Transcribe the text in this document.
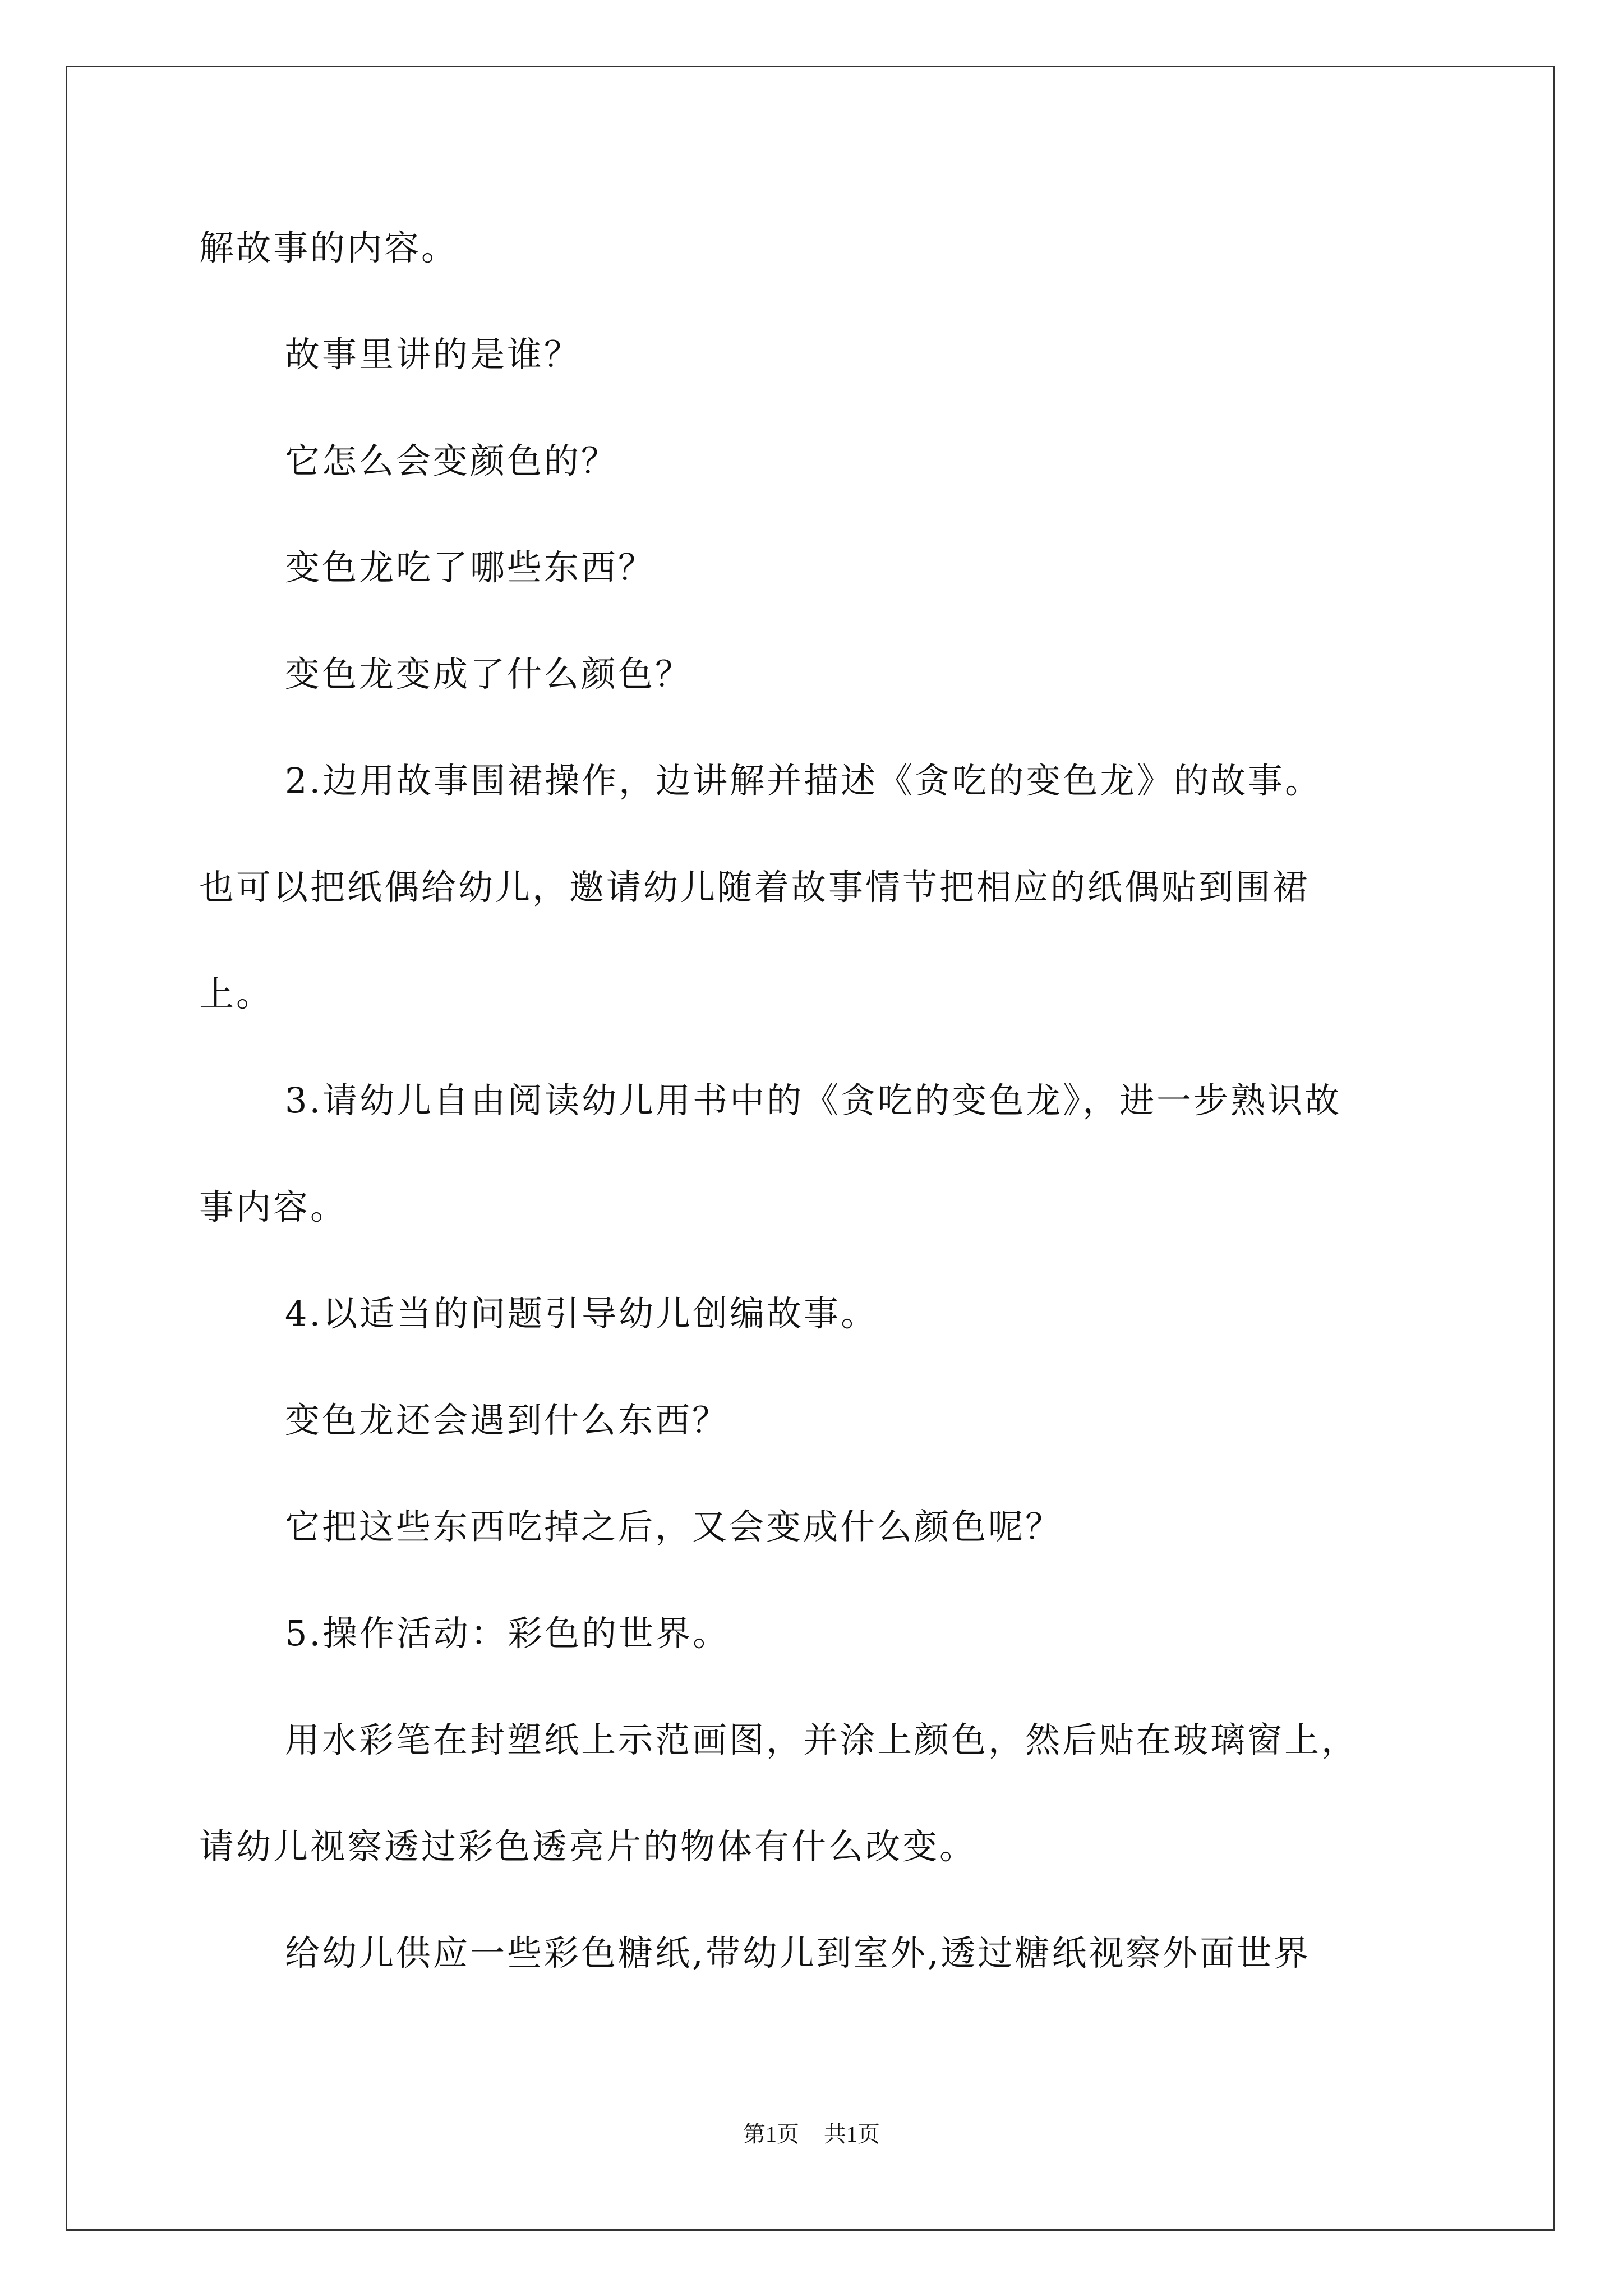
解故事的内容。
故事里讲的是谁？
它怎么会变颜色的？
变色龙吃了哪些东西？
变色龙变成了什么颜色？
2.边用故事围裙操作，边讲解并描述《贪吃的变色龙》的故事。
也可以把纸偶给幼儿，邀请幼儿随着故事情节把相应的纸偶贴到围裙
上。
3.请幼儿自由阅读幼儿用书中的《贪吃的变色龙》，进一步熟识故
事内容。
4.以适当的问题引导幼儿创编故事。
变色龙还会遇到什么东西？
它把这些东西吃掉之后，又会变成什么颜色呢？
5.操作活动：彩色的世界。
用水彩笔在封塑纸上示范画图，并涂上颜色，然后贴在玻璃窗上，
请幼儿视察透过彩色透亮片的物体有什么改变。
给幼儿供应一些彩色糖纸,带幼儿到室外,透过糖纸视察外面世界
第1页 共1页
